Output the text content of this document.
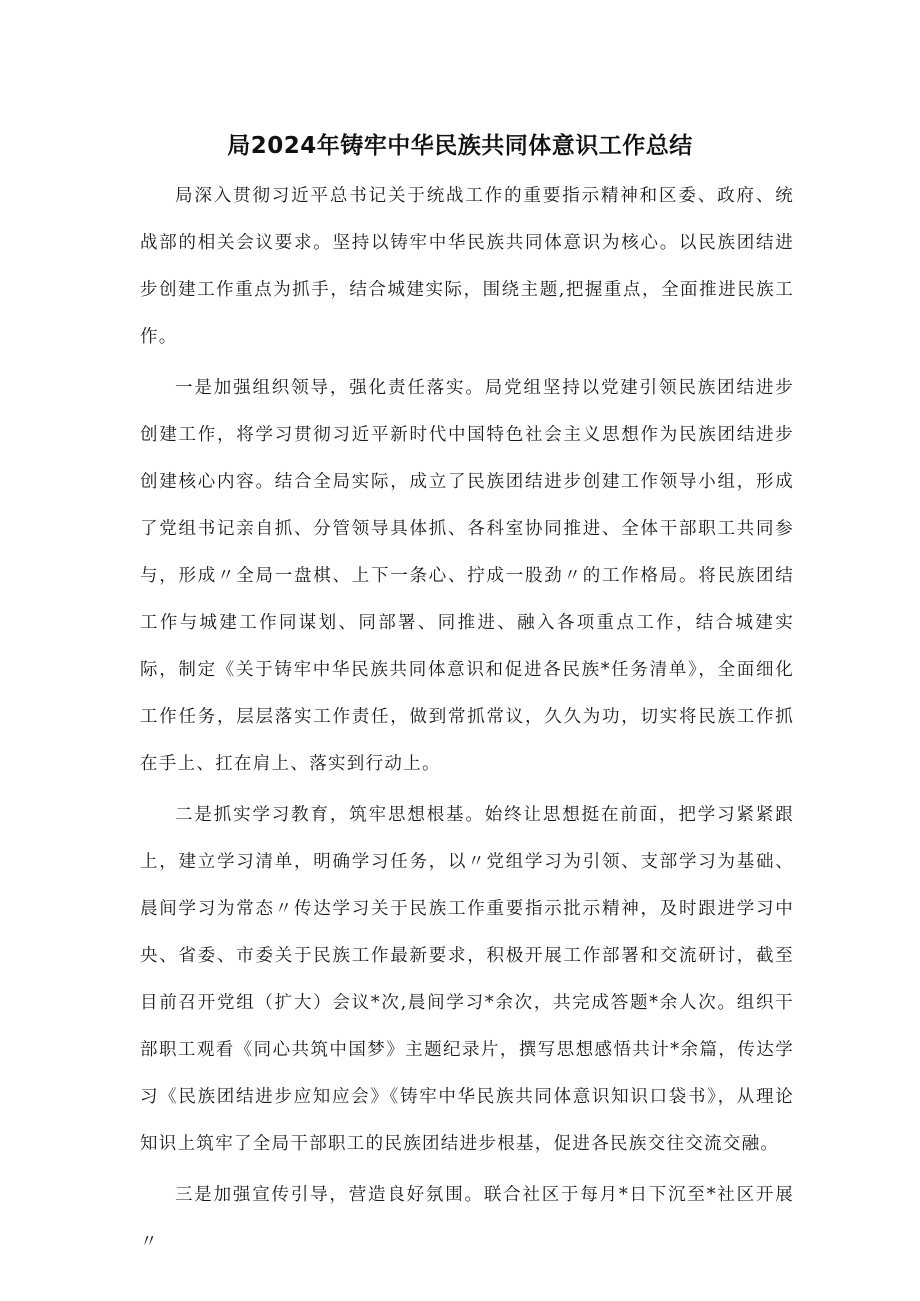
局2024年铸牢中华民族共同体意识工作总结

局深入贯彻习近平总书记关于统战工作的重要指示精神和区委、政府、统战部的相关会议要求。坚持以铸牢中华民族共同体意识为核心。以民族团结进步创建工作重点为抓手，结合城建实际，围绕主题,把握重点，全面推进民族工作。

一是加强组织领导，强化责任落实。局党组坚持以党建引领民族团结进步创建工作，将学习贯彻习近平新时代中国特色社会主义思想作为民族团结进步创建核心内容。结合全局实际，成立了民族团结进步创建工作领导小组，形成了党组书记亲自抓、分管领导具体抓、各科室协同推进、全体干部职工共同参与，形成〃全局一盘棋、上下一条心、拧成一股劲〃的工作格局。将民族团结工作与城建工作同谋划、同部署、同推进、融入各项重点工作，结合城建实际，制定《关于铸牢中华民族共同体意识和促进各民族*任务清单》，全面细化工作任务，层层落实工作责任，做到常抓常议，久久为功，切实将民族工作抓在手上、扛在肩上、落实到行动上。

二是抓实学习教育，筑牢思想根基。始终让思想挺在前面，把学习紧紧跟上，建立学习清单，明确学习任务，以〃党组学习为引领、支部学习为基础、晨间学习为常态〃传达学习关于民族工作重要指示批示精神，及时跟进学习中央、省委、市委关于民族工作最新要求，积极开展工作部署和交流研讨，截至目前召开党组（扩大）会议*次,晨间学习*余次，共完成答题*余人次。组织干部职工观看《同心共筑中国梦》主题纪录片，撰写思想感悟共计*余篇，传达学习《民族团结进步应知应会》《铸牢中华民族共同体意识知识口袋书》，从理论知识上筑牢了全局干部职工的民族团结进步根基，促进各民族交往交流交融。

三是加强宣传引导，营造良好氛围。联合社区于每月*日下沉至*社区开展〃
